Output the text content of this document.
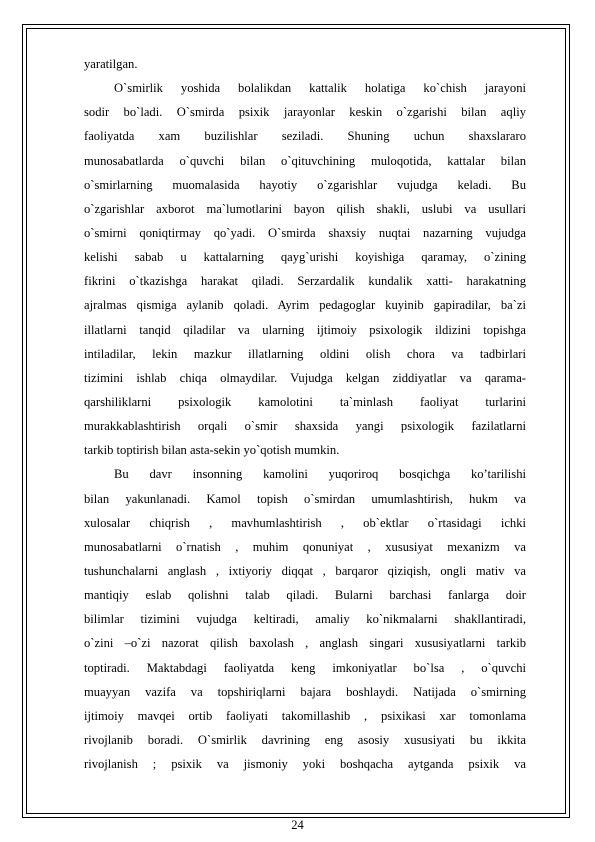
yaratilgan.
O`smirlik yoshida bolalikdan kattalik holatiga ko`chish jarayoni
sodir bo`ladi. O`smirda psixik jarayonlar keskin o`zgarishi bilan aqliy
faoliyatda xam buzilishlar seziladi. Shuning uchun shaxslararo
munosabatlarda o`quvchi bilan o`qituvchining muloqotida, kattalar bilan
o`smirlarning muomalasida hayotiy o`zgarishlar vujudga keladi. Bu
o`zgarishlar axborot ma`lumotlarini bayon qilish shakli, uslubi va usullari
o`smirni qoniqtirmay qo`yadi. O`smirda shaxsiy nuqtai nazarning vujudga
kelishi sabab u kattalarning qayg`urishi koyishiga qaramay, o`zining
fikrini o`tkazishga harakat qiladi. Serzardalik kundalik xatti- harakatning
ajralmas qismiga aylanib qoladi. Ayrim pedagoglar kuyinib gapiradilar, ba`zi
illatlarni tanqid qiladilar va ularning ijtimoiy psixologik ildizini topishga
intiladilar, lekin mazkur illatlarning oldini olish chora va tadbirlari
tizimini ishlab chiqa olmaydilar. Vujudga kelgan ziddiyatlar va qarama-
qarshiliklarni psixologik kamolotini ta`minlash faoliyat turlarini
murakkablashtirish orqali o`smir shaxsida yangi psixologik fazilatlarni
tarkib toptirish bilan asta-sekin yo`qotish mumkin.
Bu davr insonning kamolini yuqoriroq bosqichga ko’tarilishi
bilan yakunlanadi. Kamol topish o`smirdan umumlashtirish, hukm va
xulosalar chiqrish , mavhumlashtirish , ob`ektlar o`rtasidagi ichki
munosabatlarni o`rnatish , muhim qonuniyat , xususiyat mexanizm va
tushunchalarni anglash , ixtiyoriy diqqat , barqaror qiziqish, ongli mativ va
mantiqiy eslab qolishni talab qiladi. Bularni barchasi fanlarga doir
bilimlar tizimini vujudga keltiradi, amaliy ko`nikmalarni shakllantiradi,
o`zini –o`zi nazorat qilish baxolash , anglash singari xususiyatlarni tarkib
toptiradi. Maktabdagi faoliyatda keng imkoniyatlar bo`lsa , o`quvchi
muayyan vazifa va topshiriqlarni bajara boshlaydi. Natijada o`smirning
ijtimoiy mavqei ortib faoliyati takomillashib , psixikasi xar tomonlama
rivojlanib boradi. O`smirlik davrining eng asosiy xususiyati bu ikkita
rivojlanish ; psixik va jismoniy yoki boshqacha aytganda psixik va
24
